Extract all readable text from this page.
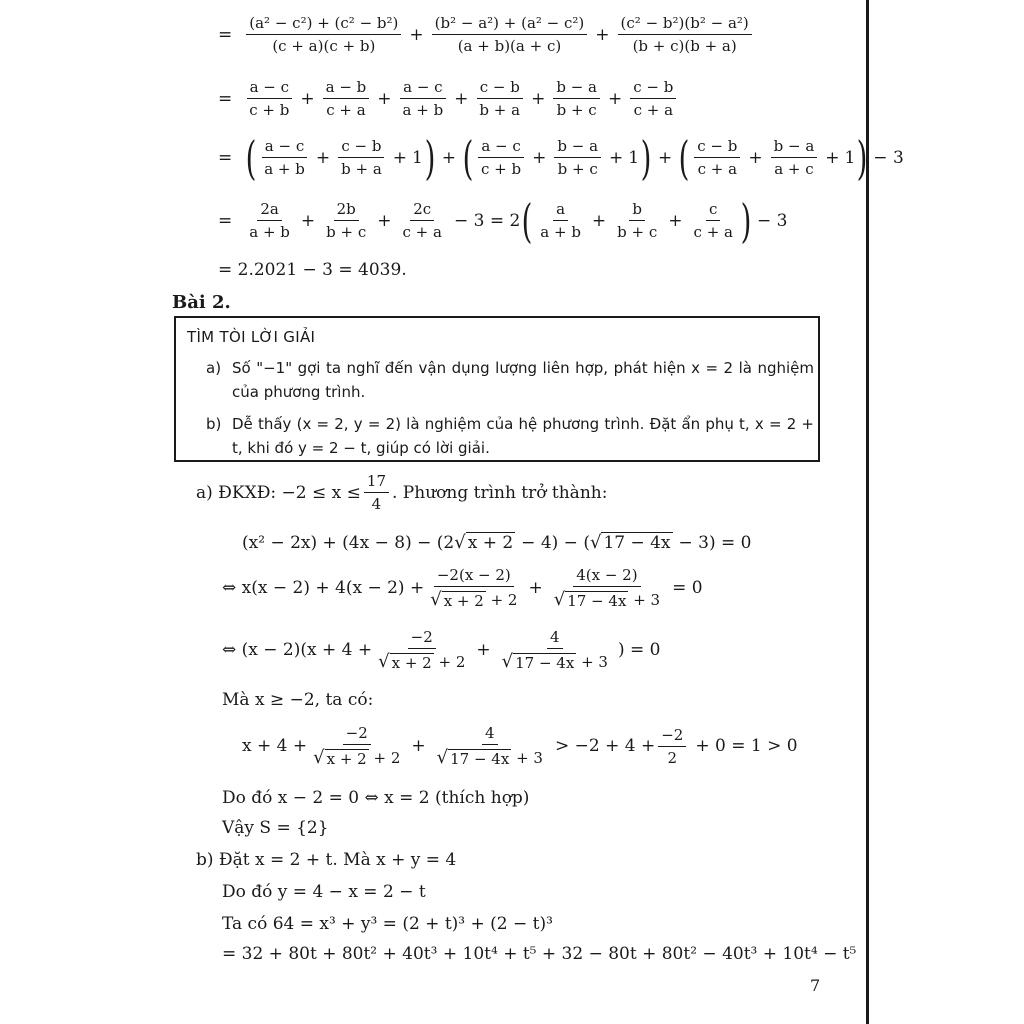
= $\frac{\text{(a² − c²) + (c² − b²)}}{(c + a)(c + b)} + \frac{\text{(b² − a²) + (a² − c²)}}{(a + b)(a + c)} + \frac{\text{(c² − b²)(b² − a²)}}{(b + c)(b + a)}$
= $\frac{a - c}{c + b} + \frac{a - b}{c + a} + \frac{a - c}{a + b} + \frac{c - b}{b + a} + \frac{b - a}{b + c} + \frac{c - b}{c + a}$
= ( $\frac{a - c}{a + b} + \frac{c - b}{b + a} + 1$ ) + ( $\frac{a - c}{c + b} + \frac{b - a}{b + c} + 1$ ) + ( $\frac{c - b}{c + a} + \frac{b - a}{a + c} + 1$ ) − 3
= $\frac{2a}{a + b} + \frac{2b}{b + c} + \frac{2c}{c + a} - 3 = 2$ ( $\frac{a}{a + b} + \frac{b}{b + c} + \frac{c}{c + a}$ ) − 3
= 2.2021 − 3 = 4039.
Bài 2.
TÌM TÒI LỜI GIẢI
a) Số "−1" gợi ta nghĩ đến vận dụng lượng liên hợp, phát hiện x = 2 là nghiệm của phương trình.
b) Dễ thấy (x = 2, y = 2) là nghiệm của hệ phương trình. Đặt ẩn phụ t, x = 2 + t, khi đó y = 2 − t, giúp có lời giải.
a) ĐKXĐ: $-2 \le x \le \frac{17}{4}$ . Phương trình trở thành:
(x² − 2x) + (4x − 8) − (2 √ x + 2 − 4) − ( √ 17 − 4x − 3) = 0
⇔ $x(x - 2) + 4(x - 2) + \frac{-2(x - 2)}{√ x + 2 + 2} + \frac{4(x - 2)}{√ 17 - 4x + 3} = 0$
⇔ $(x - 2)(x + 4 + \frac{-2}{√ x + 2 + 2} + \frac{4}{√ 17 - 4x + 3}$ ) = 0
Mà x ≥ −2, ta có:
$x + 4 + \frac{-2}{√ x + 2 + 2} + \frac{4}{√ 17 - 4x + 3} > -2 + 4 + \frac{-2}{2} + 0 = 1 > 0$
Do đó x − 2 = 0 ⇔ x = 2 (thích hợp)
Vậy S = {2}
b) Đặt x = 2 + t. Mà x + y = 4
Do đó y = 4 − x = 2 − t
Ta có 64 = x³ + y³ = (2 + t)³ + (2 − t)³
= 32 + 80t + 80t² + 40t³ + 10t⁴ + t⁵ + 32 − 80t + 80t² − 40t³ + 10t⁴ − t⁵
7
